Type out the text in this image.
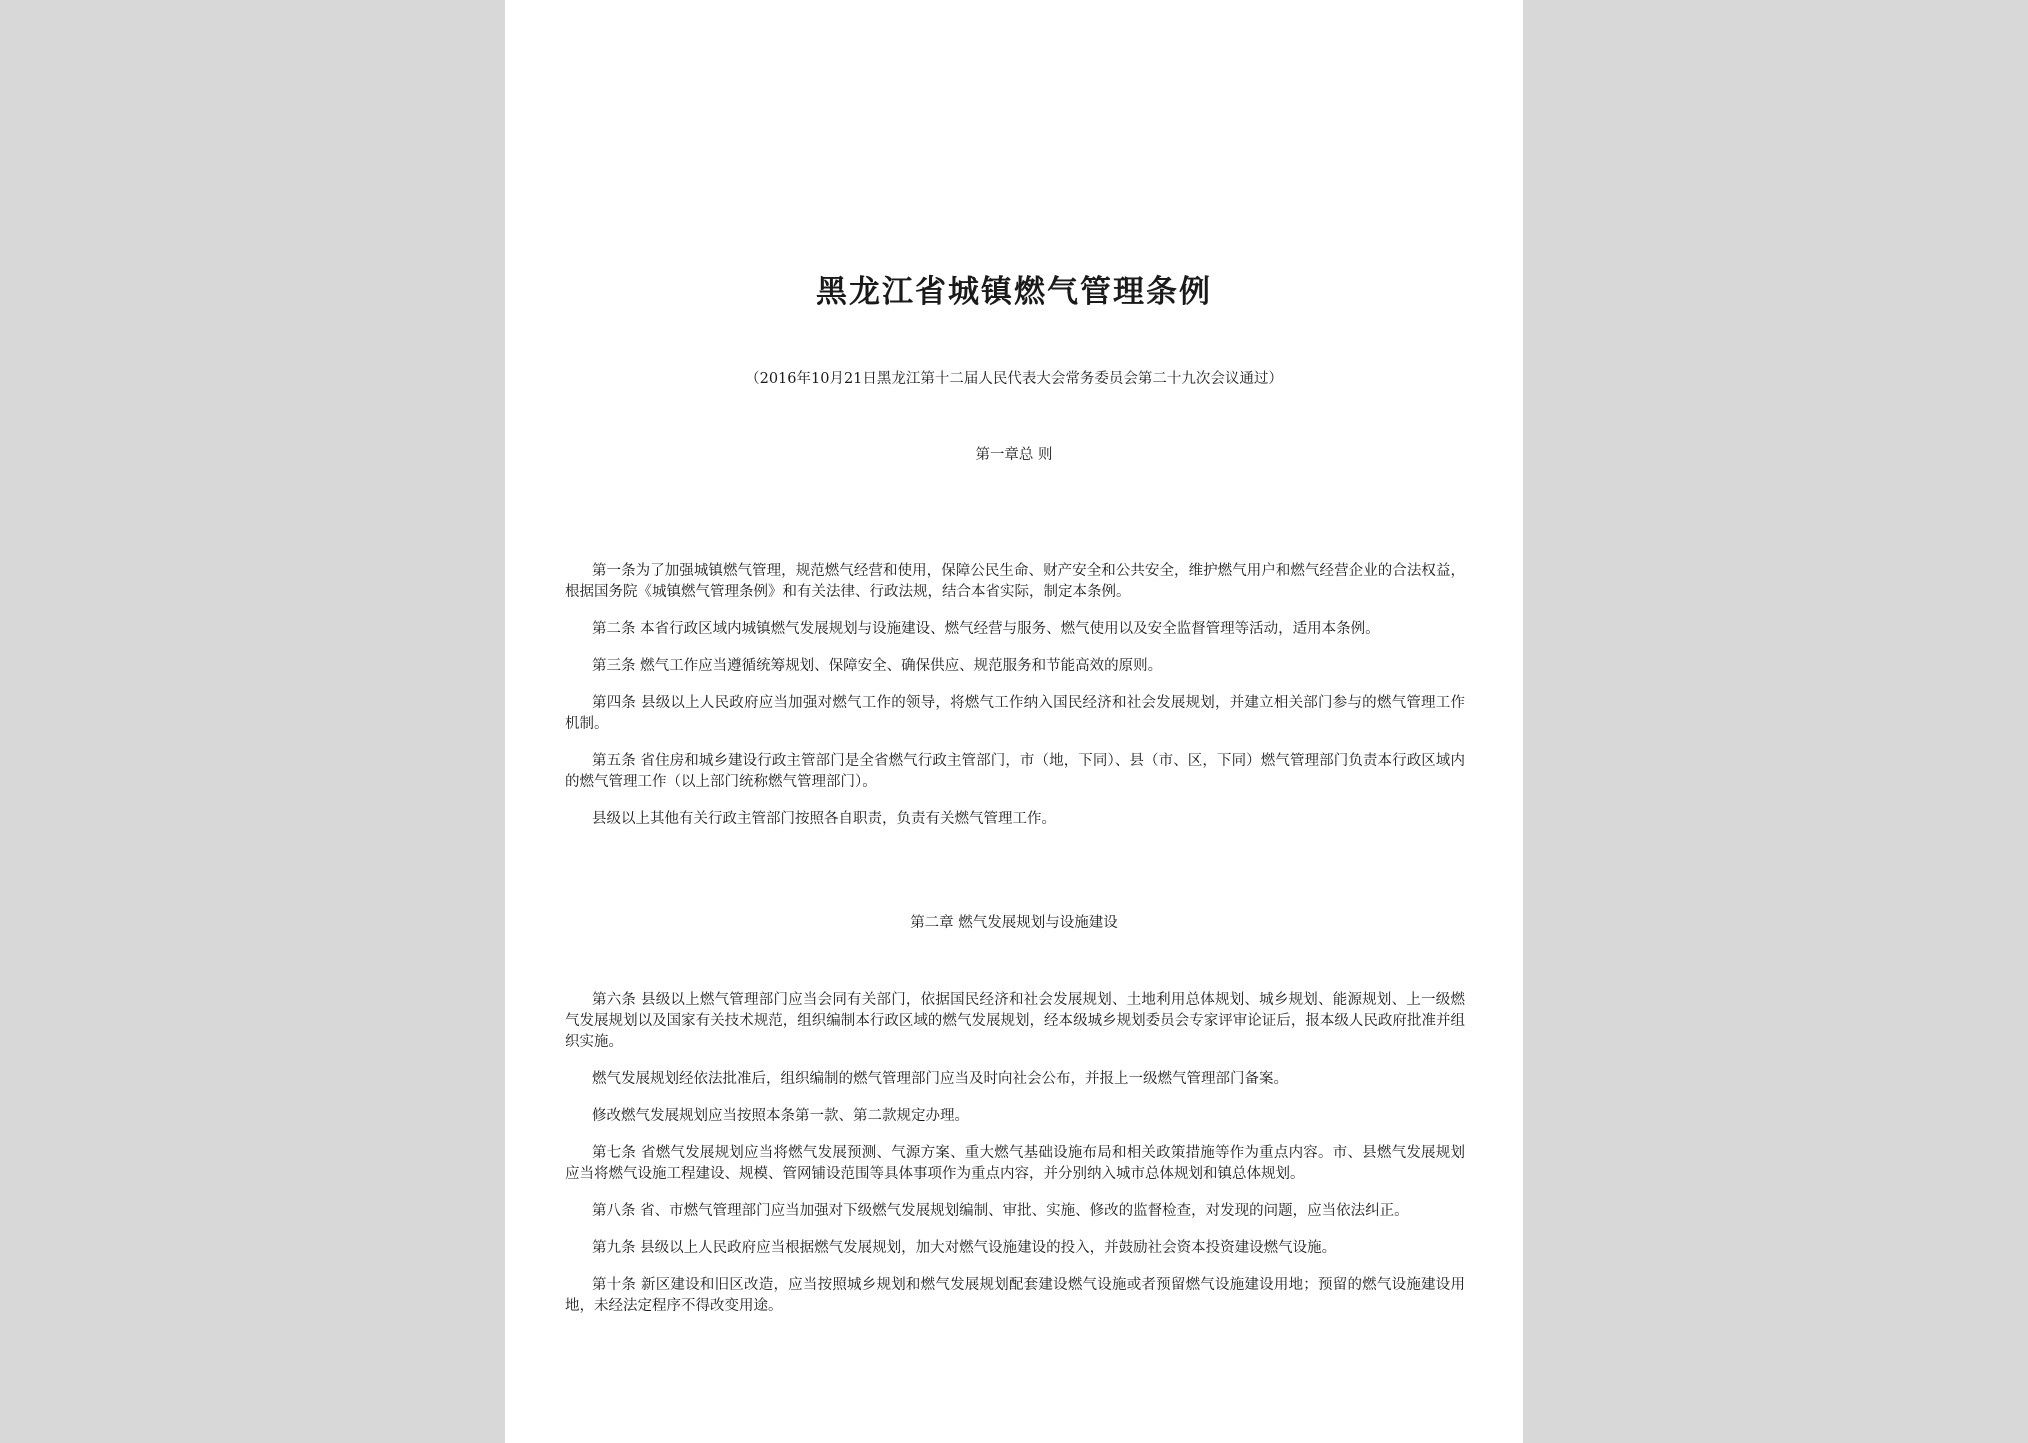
黑龙江省城镇燃气管理条例
（2016年10月21日黑龙江第十二届人民代表大会常务委员会第二十九次会议通过）
第一章总 则

第一条为了加强城镇燃气管理，规范燃气经营和使用，保障公民生命、财产安全和公共安全，维护燃气用户和燃气经营企业的合法权益，根据国务院《城镇燃气管理条例》和有关法律、行政法规，结合本省实际，制定本条例。

第二条 本省行政区域内城镇燃气发展规划与设施建设、燃气经营与服务、燃气使用以及安全监督管理等活动，适用本条例。

第三条 燃气工作应当遵循统筹规划、保障安全、确保供应、规范服务和节能高效的原则。

第四条 县级以上人民政府应当加强对燃气工作的领导，将燃气工作纳入国民经济和社会发展规划，并建立相关部门参与的燃气管理工作机制。

第五条 省住房和城乡建设行政主管部门是全省燃气行政主管部门，市（地，下同）、县（市、区，下同）燃气管理部门负责本行政区域内的燃气管理工作（以上部门统称燃气管理部门）。

县级以上其他有关行政主管部门按照各自职责，负责有关燃气管理工作。

第二章 燃气发展规划与设施建设

第六条 县级以上燃气管理部门应当会同有关部门，依据国民经济和社会发展规划、土地利用总体规划、城乡规划、能源规划、上一级燃气发展规划以及国家有关技术规范，组织编制本行政区域的燃气发展规划，经本级城乡规划委员会专家评审论证后，报本级人民政府批准并组织实施。

燃气发展规划经依法批准后，组织编制的燃气管理部门应当及时向社会公布，并报上一级燃气管理部门备案。

修改燃气发展规划应当按照本条第一款、第二款规定办理。

第七条 省燃气发展规划应当将燃气发展预测、气源方案、重大燃气基础设施布局和相关政策措施等作为重点内容。市、县燃气发展规划应当将燃气设施工程建设、规模、管网铺设范围等具体事项作为重点内容，并分别纳入城市总体规划和镇总体规划。

第八条 省、市燃气管理部门应当加强对下级燃气发展规划编制、审批、实施、修改的监督检查，对发现的问题，应当依法纠正。

第九条 县级以上人民政府应当根据燃气发展规划，加大对燃气设施建设的投入，并鼓励社会资本投资建设燃气设施。

第十条 新区建设和旧区改造，应当按照城乡规划和燃气发展规划配套建设燃气设施或者预留燃气设施建设用地；预留的燃气设施建设用地，未经法定程序不得改变用途。
